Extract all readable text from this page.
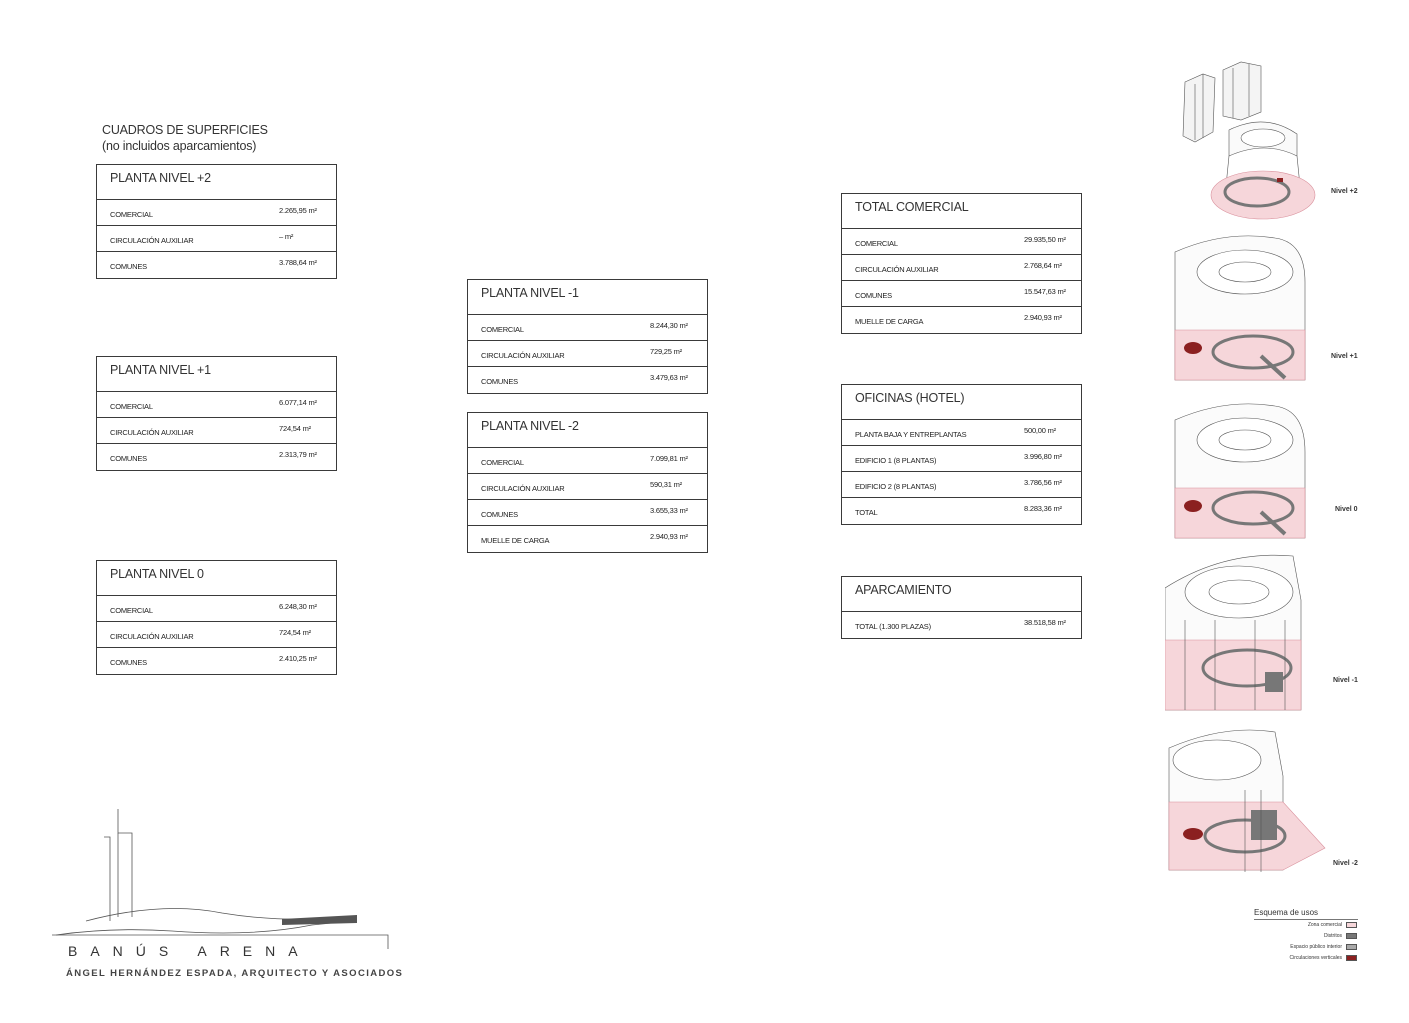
CUADROS DE SUPERFICIES
(no incluidos aparcamientos)
PLANTA NIVEL +2
COMERCIAL	2.265,95 m²
CIRCULACIÓN AUXILIAR	– m²
COMUNES	3.788,64 m²
PLANTA NIVEL +1
COMERCIAL	6.077,14 m²
CIRCULACIÓN AUXILIAR	724,54 m²
COMUNES	2.313,79 m²
PLANTA NIVEL 0
COMERCIAL	6.248,30 m²
CIRCULACIÓN AUXILIAR	724,54 m²
COMUNES	2.410,25 m²
PLANTA NIVEL -1
COMERCIAL	8.244,30 m²
CIRCULACIÓN AUXILIAR	729,25 m²
COMUNES	3.479,63 m²
PLANTA NIVEL -2
COMERCIAL	7.099,81 m²
CIRCULACIÓN AUXILIAR	590,31 m²
COMUNES	3.655,33 m²
MUELLE DE CARGA	2.940,93 m²
TOTAL COMERCIAL
COMERCIAL	29.935,50 m²
CIRCULACIÓN AUXILIAR	2.768,64 m²
COMUNES	15.547,63 m²
MUELLE DE CARGA	2.940,93 m²
OFICINAS (HOTEL)
PLANTA BAJA Y ENTREPLANTAS	500,00 m²
EDIFICIO 1 (8 PLANTAS)	3.996,80 m²
EDIFICIO 2 (8 PLANTAS)	3.786,56 m²
TOTAL	8.283,36 m²
APARCAMIENTO
TOTAL (1.300 PLAZAS)	38.518,58 m²
Nivel +2
Nivel +1
Nivel 0
Nivel -1
Nivel -2
Esquema de usos
Zona comercial
Distritos
Espacio público interior
Circulaciones verticales
BANÚS ARENA
ÁNGEL HERNÁNDEZ ESPADA, ARQUITECTO Y ASOCIADOS
